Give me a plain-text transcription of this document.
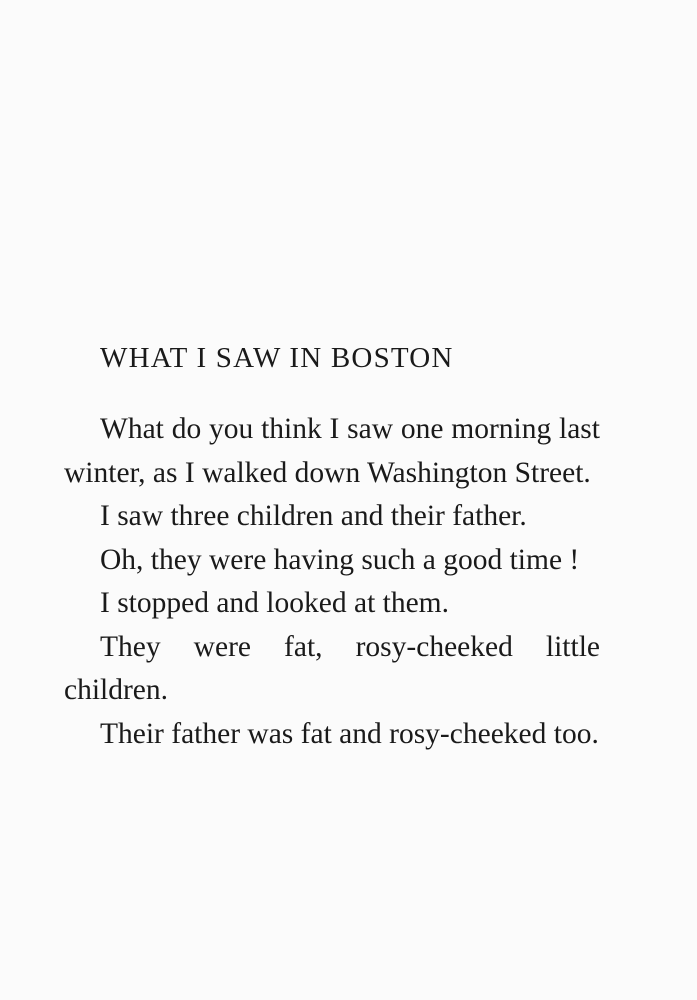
WHAT I SAW IN BOSTON

What do you think I saw one morning last winter, as I walked down Washington Street.

I saw three children and their father.

Oh, they were having such a good time !

I stopped and looked at them.

They were fat, rosy-cheeked little children.

Their father was fat and rosy-cheeked too.
